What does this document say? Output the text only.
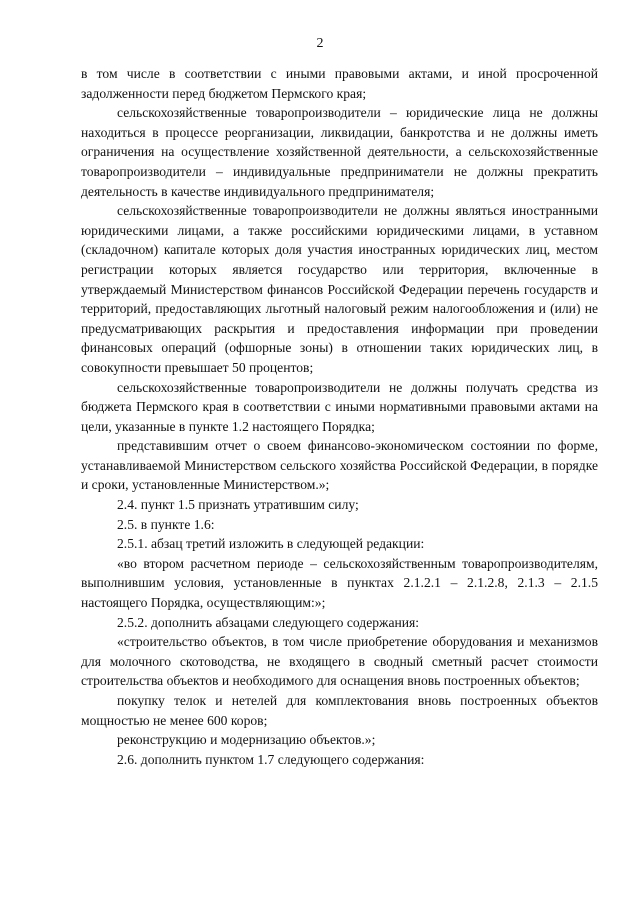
2

в том числе в соответствии с иными правовыми актами, и иной просроченной задолженности перед бюджетом Пермского края;

сельскохозяйственные товаропроизводители – юридические лица не должны находиться в процессе реорганизации, ликвидации, банкротства и не должны иметь ограничения на осуществление хозяйственной деятельности, а сельскохозяйственные товаропроизводители – индивидуальные предприниматели не должны прекратить деятельность в качестве индивидуального предпринимателя;

сельскохозяйственные товаропроизводители не должны являться иностранными юридическими лицами, а также российскими юридическими лицами, в уставном (складочном) капитале которых доля участия иностранных юридических лиц, местом регистрации которых является государство или территория, включенные в утверждаемый Министерством финансов Российской Федерации перечень государств и территорий, предоставляющих льготный налоговый режим налогообложения и (или) не предусматривающих раскрытия и предоставления информации при проведении финансовых операций (офшорные зоны) в отношении таких юридических лиц, в совокупности превышает 50 процентов;

сельскохозяйственные товаропроизводители не должны получать средства из бюджета Пермского края в соответствии с иными нормативными правовыми актами на цели, указанные в пункте 1.2 настоящего Порядка;

представившим отчет о своем финансово-экономическом состоянии по форме, устанавливаемой Министерством сельского хозяйства Российской Федерации, в порядке и сроки, установленные Министерством.»;

2.4. пункт 1.5 признать утратившим силу;

2.5. в пункте 1.6:

2.5.1. абзац третий изложить в следующей редакции:

«во втором расчетном периоде – сельскохозяйственным товаропроизводителям, выполнившим условия, установленные в пунктах 2.1.2.1 – 2.1.2.8, 2.1.3 – 2.1.5 настоящего Порядка, осуществляющим:»;

2.5.2. дополнить абзацами следующего содержания:

«строительство объектов, в том числе приобретение оборудования и механизмов для молочного скотоводства, не входящего в сводный сметный расчет стоимости строительства объектов и необходимого для оснащения вновь построенных объектов;

покупку телок и нетелей для комплектования вновь построенных объектов мощностью не менее 600 коров;

реконструкцию и модернизацию объектов.»;

2.6. дополнить пунктом 1.7 следующего содержания:
